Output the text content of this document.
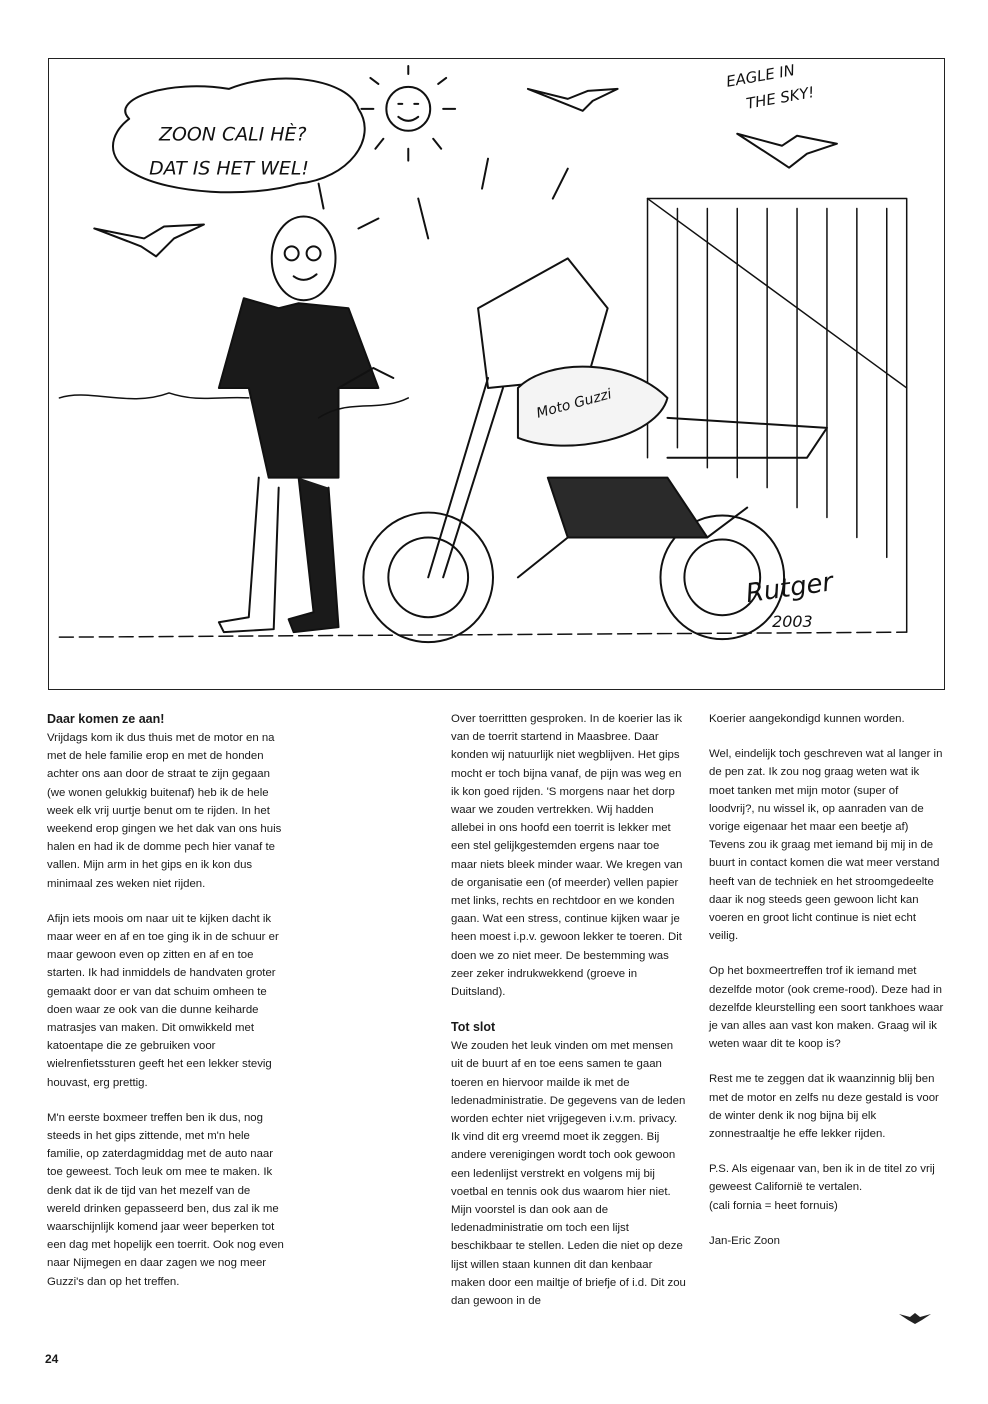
ZOON CALI HÈ?
DAT IS HET WEL!
EAGLE IN
THE SKY!
Moto Guzzi
Rutger
2003
Daar komen ze aan!

Vrijdags kom ik dus thuis met de motor en na met de hele familie erop en met de honden achter ons aan door de straat te zijn gegaan (we wonen gelukkig buitenaf) heb ik de hele week elk vrij uurtje benut om te rijden. In het weekend erop gingen we het dak van ons huis halen en had ik de domme pech hier vanaf te vallen. Mijn arm in het gips en ik kon dus minimaal zes weken niet rijden.

Afijn iets moois om naar uit te kijken dacht ik maar weer en af en toe ging ik in de schuur er maar gewoon even op zitten en af en toe starten. Ik had inmiddels de handvaten groter gemaakt door er van dat schuim omheen te doen waar ze ook van die dunne keiharde matrasjes van maken. Dit omwikkeld met katoentape die ze gebruiken voor wielrenfietssturen geeft het een lekker stevig houvast, erg prettig.

M'n eerste boxmeer treffen ben ik dus, nog steeds in het gips zittende, met m'n hele familie, op zaterdagmiddag met de auto naar toe geweest. Toch leuk om mee te maken. Ik denk dat ik de tijd van het mezelf van de wereld drinken gepasseerd ben, dus zal ik me waarschijnlijk komend jaar weer beperken tot een dag met hopelijk een toerrit. Ook nog even naar Nijmegen en daar zagen we nog meer Guzzi's dan op het treffen.

Over toerrittten gesproken. In de koerier las ik van de toerrit startend in Maasbree. Daar konden wij natuurlijk niet wegblijven. Het gips mocht er toch bijna vanaf, de pijn was weg en ik kon goed rijden. 'S morgens naar het dorp waar we zouden vertrekken. Wij hadden allebei in ons hoofd een toerrit is lekker met een stel gelijkgestemden ergens naar toe maar niets bleek minder waar. We kregen van de organisatie een (of meerder) vellen papier met links, rechts en rechtdoor en we konden gaan. Wat een stress, continue kijken waar je heen moest i.p.v. gewoon lekker te toeren. Dit doen we zo niet meer. De bestemming was zeer zeker indrukwekkend (groeve in Duitsland).

Tot slot

We zouden het leuk vinden om met mensen uit de buurt af en toe eens samen te gaan toeren en hiervoor mailde ik met de ledenadministratie. De gegevens van de leden worden echter niet vrijgegeven i.v.m. privacy. Ik vind dit erg vreemd moet ik zeggen. Bij andere verenigingen wordt toch ook gewoon een ledenlijst verstrekt en volgens mij bij voetbal en tennis ook dus waarom hier niet. Mijn voorstel is dan ook aan de ledenadministratie om toch een lijst beschikbaar te stellen. Leden die niet op deze lijst willen staan kunnen dit dan kenbaar maken door een mailtje of briefje of i.d. Dit zou dan gewoon in de

Koerier aangekondigd kunnen worden.

Wel, eindelijk toch geschreven wat al langer in de pen zat. Ik zou nog graag weten wat ik moet tanken met mijn motor (super of loodvrij?, nu wissel ik, op aanraden van de vorige eigenaar het maar een beetje af) Tevens zou ik graag met iemand bij mij in de buurt in contact komen die wat meer verstand heeft van de techniek en het stroomgedeelte daar ik nog steeds geen gewoon licht kan voeren en groot licht continue is niet echt veilig.

Op het boxmeertreffen trof ik iemand met dezelfde motor (ook creme-rood). Deze had in dezelfde kleurstelling een soort tankhoes waar je van alles aan vast kon maken. Graag wil ik weten waar dit te koop is?

Rest me te zeggen dat ik waanzinnig blij ben met de motor en zelfs nu deze gestald is voor de winter denk ik nog bijna bij elk zonnestraaltje he effe lekker rijden.

P.S. Als eigenaar van, ben ik in de titel zo vrij geweest Californië te vertalen.

(cali fornia = heet fornuis)

Jan-Eric Zoon

24
